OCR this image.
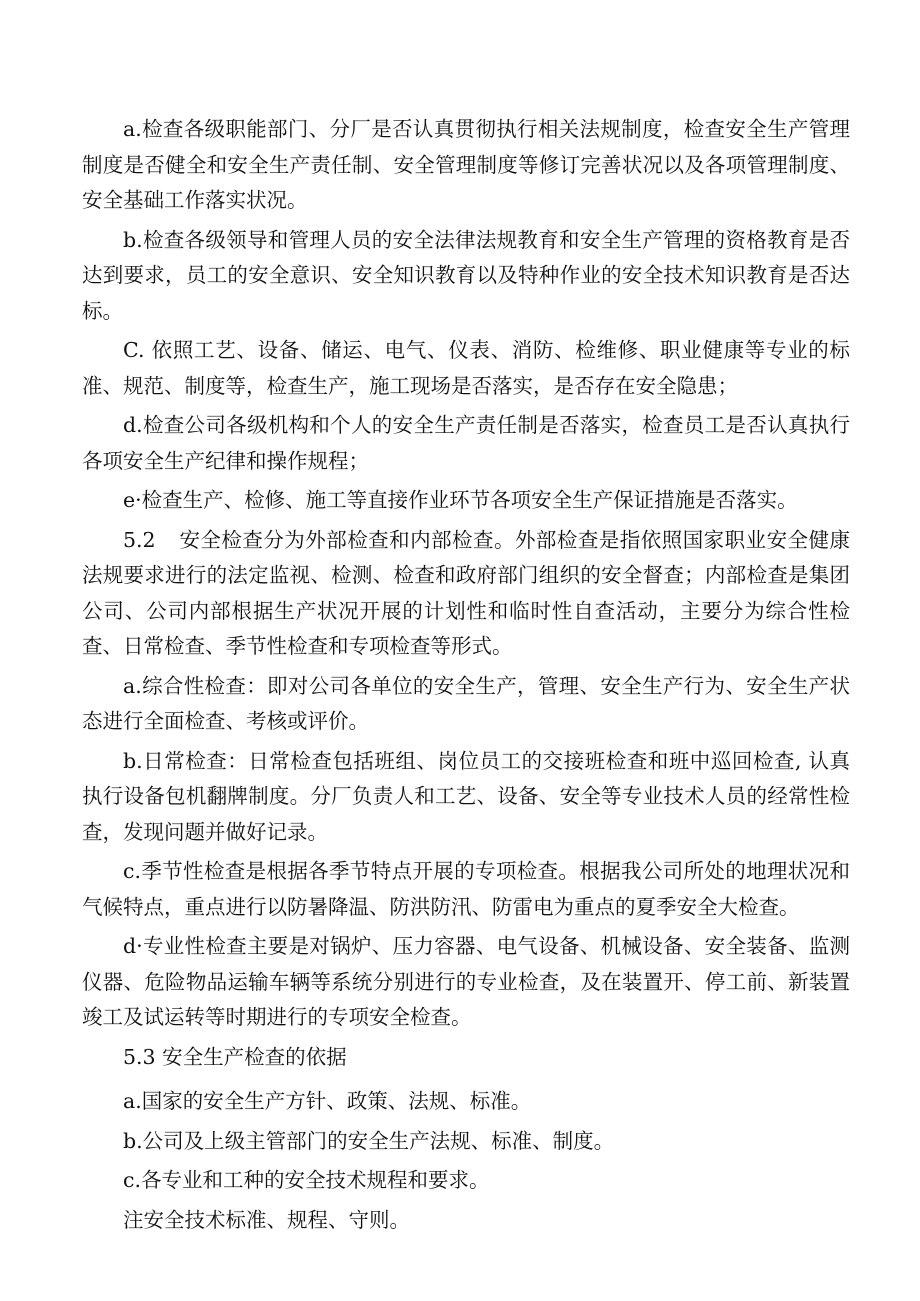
a.检查各级职能部门、分厂是否认真贯彻执行相关法规制度，检查安全生产管理制度是否健全和安全生产责任制、安全管理制度等修订完善状况以及各项管理制度、安全基础工作落实状况。

b.检查各级领导和管理人员的安全法律法规教育和安全生产管理的资格教育是否达到要求，员工的安全意识、安全知识教育以及特种作业的安全技术知识教育是否达标。

C. 依照工艺、设备、储运、电气、仪表、消防、检维修、职业健康等专业的标准、规范、制度等，检查生产，施工现场是否落实，是否存在安全隐患；

d.检查公司各级机构和个人的安全生产责任制是否落实，检查员工是否认真执行各项安全生产纪律和操作规程；

e·检查生产、检修、施工等直接作业环节各项安全生产保证措施是否落实。

5.2 安全检查分为外部检查和内部检查。外部检查是指依照国家职业安全健康法规要求进行的法定监视、检测、检查和政府部门组织的安全督查；内部检查是集团公司、公司内部根据生产状况开展的计划性和临时性自查活动，主要分为综合性检查、日常检查、季节性检查和专项检查等形式。

a.综合性检查：即对公司各单位的安全生产，管理、安全生产行为、安全生产状态进行全面检查、考核或评价。

b.日常检查：日常检查包括班组、岗位员工的交接班检查和班中巡回检查, 认真执行设备包机翻牌制度。分厂负责人和工艺、设备、安全等专业技术人员的经常性检查，发现问题并做好记录。

c.季节性检查是根据各季节特点开展的专项检查。根据我公司所处的地理状况和气候特点，重点进行以防暑降温、防洪防汛、防雷电为重点的夏季安全大检查。

d·专业性检查主要是对锅炉、压力容器、电气设备、机械设备、安全装备、监测仪器、危险物品运输车辆等系统分别进行的专业检查，及在装置开、停工前、新装置竣工及试运转等时期进行的专项安全检查。

5.3 安全生产检查的依据

a.国家的安全生产方针、政策、法规、标准。

b.公司及上级主管部门的安全生产法规、标准、制度。

c.各专业和工种的安全技术规程和要求。

注安全技术标准、规程、守则。
